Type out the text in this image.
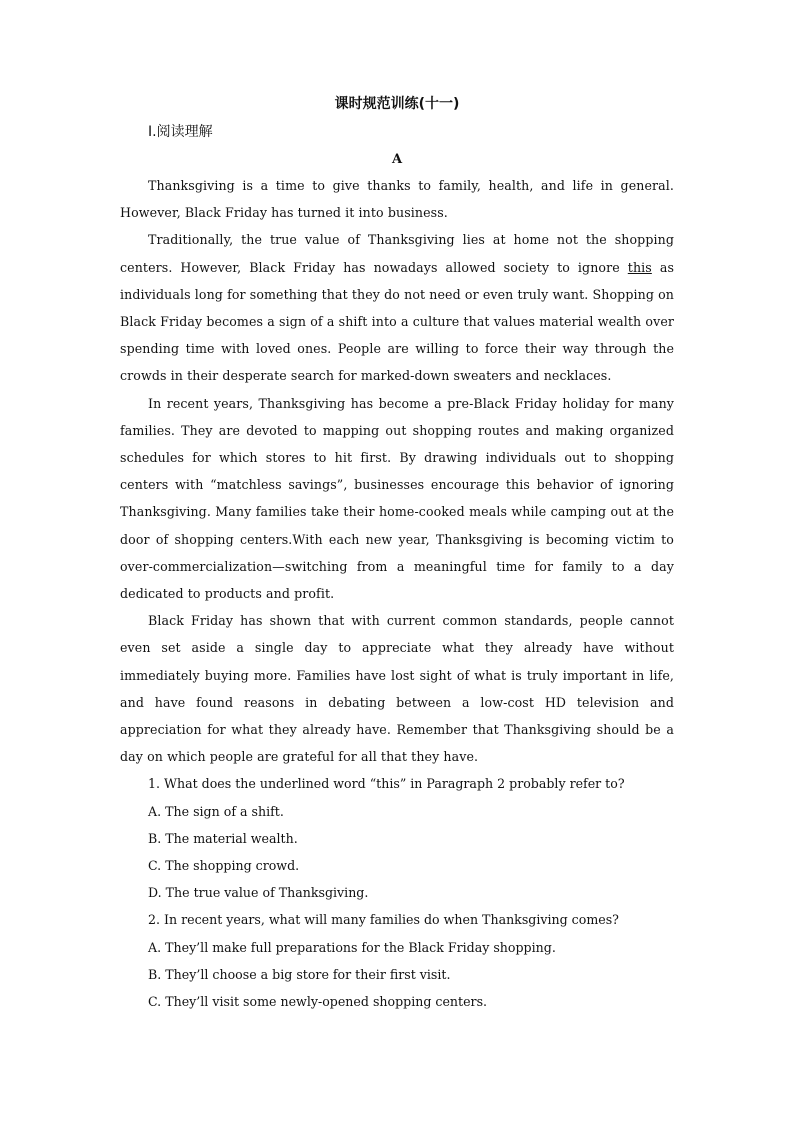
课时规范训练(十一)
Ⅰ.阅读理解
A

Thanksgiving is a time to give thanks to family, health, and life in general. However, Black Friday has turned it into business.

Traditionally, the true value of Thanksgiving lies at home not the shopping centers. However, Black Friday has nowadays allowed society to ignore this as individuals long for something that they do not need or even truly want. Shopping on Black Friday becomes a sign of a shift into a culture that values material wealth over spending time with loved ones. People are willing to force their way through the crowds in their desperate search for marked-down sweaters and necklaces.

In recent years, Thanksgiving has become a pre-Black Friday holiday for many families. They are devoted to mapping out shopping routes and making organized schedules for which stores to hit first. By drawing individuals out to shopping centers with “matchless savings”, businesses encourage this behavior of ignoring Thanksgiving. Many families take their home-cooked meals while camping out at the door of shopping centers.With each new year, Thanksgiving is becoming victim to over-commercialization—switching from a meaningful time for family to a day dedicated to products and profit.

Black Friday has shown that with current common standards, people cannot even set aside a single day to appreciate what they already have without immediately buying more. Families have lost sight of what is truly important in life, and have found reasons in debating between a low-cost HD television and appreciation for what they already have. Remember that Thanksgiving should be a day on which people are grateful for all that they have.

1. What does the underlined word “this” in Paragraph 2 probably refer to?
A. The sign of a shift.
B. The material wealth.
C. The shopping crowd.
D. The true value of Thanksgiving.
2. In recent years, what will many families do when Thanksgiving comes?
A. They’ll make full preparations for the Black Friday shopping.
B. They’ll choose a big store for their first visit.
C. They’ll visit some newly-opened shopping centers.
